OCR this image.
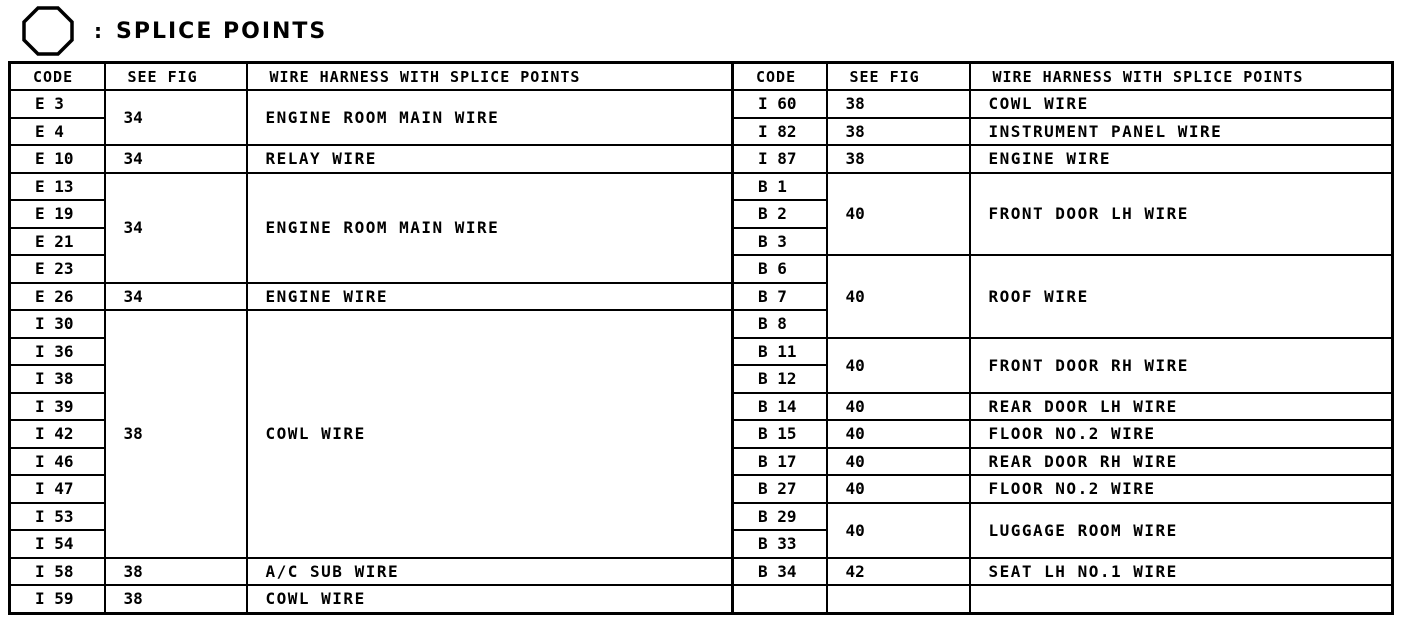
: SPLICE POINTS
CODE	SEE FIG	WIRE HARNESS WITH SPLICE POINTS	CODE	SEE FIG	WIRE HARNESS WITH SPLICE POINTS
E 3	34	ENGINE ROOM MAIN WIRE	I 60	38	COWL WIRE
E 4			I 82	38	INSTRUMENT PANEL WIRE
E 10	34	RELAY WIRE	I 87	38	ENGINE WIRE
E 13	34	ENGINE ROOM MAIN WIRE	B 1	40	FRONT DOOR LH WIRE
E 19			B 2		
E 21			B 3		
E 23			B 6	40	ROOF WIRE
E 26	34	ENGINE WIRE	B 7		
I 30	38	COWL WIRE	B 8		
I 36			B 11	40	FRONT DOOR RH WIRE
I 38			B 12		
I 39			B 14	40	REAR DOOR LH WIRE
I 42			B 15	40	FLOOR NO.2 WIRE
I 46			B 17	40	REAR DOOR RH WIRE
I 47			B 27	40	FLOOR NO.2 WIRE
I 53			B 29	40	LUGGAGE ROOM WIRE
I 54			B 33		
I 58	38	A/C SUB WIRE	B 34	42	SEAT LH NO.1 WIRE
I 59	38	COWL WIRE			
